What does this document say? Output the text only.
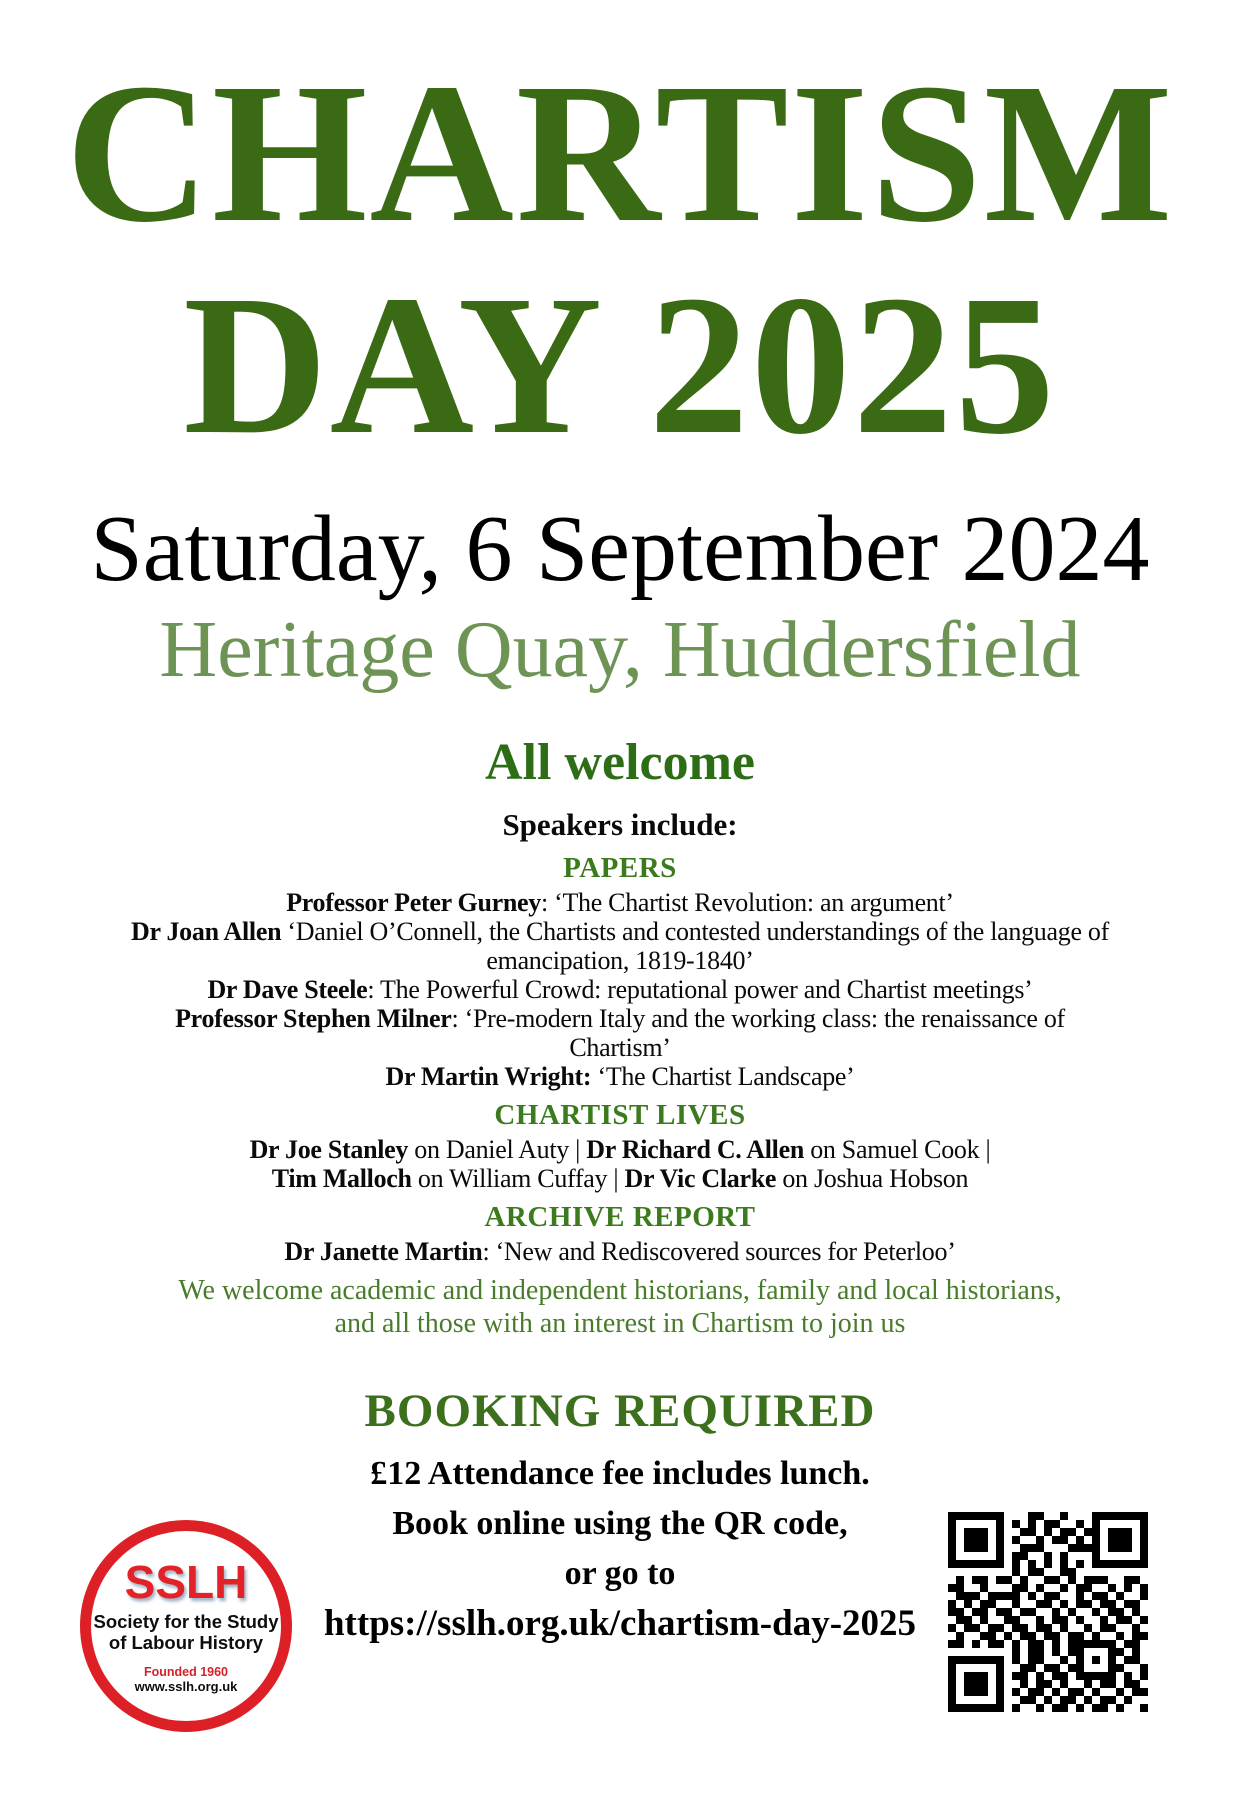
CHARTISM
DAY 2025
Saturday, 6 September 2024
Heritage Quay, Huddersfield
All welcome
Speakers include:
PAPERS
Professor Peter Gurney: ‘The Chartist Revolution: an argument’
Dr Joan Allen ‘Daniel O’Connell, the Chartists and contested understandings of the language of
emancipation, 1819-1840’
Dr Dave Steele: The Powerful Crowd: reputational power and Chartist meetings’
Professor Stephen Milner: ‘Pre-modern Italy and the working class: the renaissance of
Chartism’
Dr Martin Wright: ‘The Chartist Landscape’
CHARTIST LIVES
Dr Joe Stanley on Daniel Auty | Dr Richard C. Allen on Samuel Cook |
Tim Malloch on William Cuffay | Dr Vic Clarke on Joshua Hobson
ARCHIVE REPORT
Dr Janette Martin: ‘New and Rediscovered sources for Peterloo’
We welcome academic and independent historians, family and local historians,
and all those with an interest in Chartism to join us
BOOKING REQUIRED
£12 Attendance fee includes lunch.
Book online using the QR code,
or go to
https://sslh.org.uk/chartism-day-2025
SSLH
Society for the Study
of Labour History
Founded 1960
www.sslh.org.uk
